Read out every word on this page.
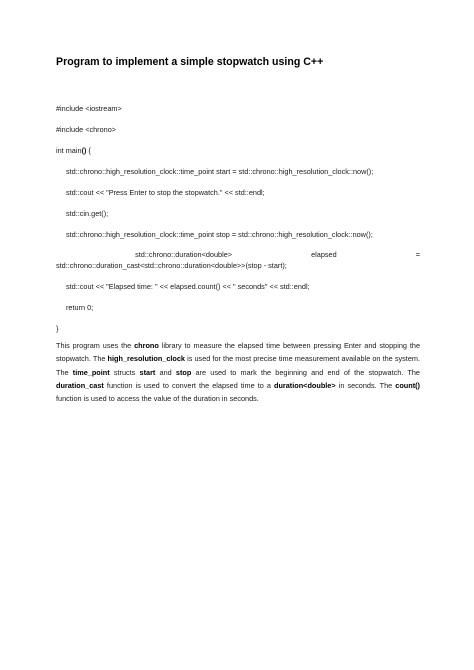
Program to implement a simple stopwatch using C++
#include <iostream>
#include <chrono>
int main() {
std::chrono::high_resolution_clock::time_point start = std::chrono::high_resolution_clock::now();
std::cout << "Press Enter to stop the stopwatch." << std::endl;
std::cin.get();
std::chrono::high_resolution_clock::time_point stop = std::chrono::high_resolution_clock::now();
std::chrono::duration<double>	elapsed	=
std::chrono::duration_cast<std::chrono::duration<double>>(stop - start);
std::cout << "Elapsed time: " << elapsed.count() << " seconds" << std::endl;
return 0;
}
This program uses the chrono library to measure the elapsed time between pressing Enter and stopping the stopwatch. The high_resolution_clock is used for the most precise time measurement available on the system. The time_point structs start and stop are used to mark the beginning and end of the stopwatch. The duration_cast function is used to convert the elapsed time to a duration<double> in seconds. The count() function is used to access the value of the duration in seconds.
